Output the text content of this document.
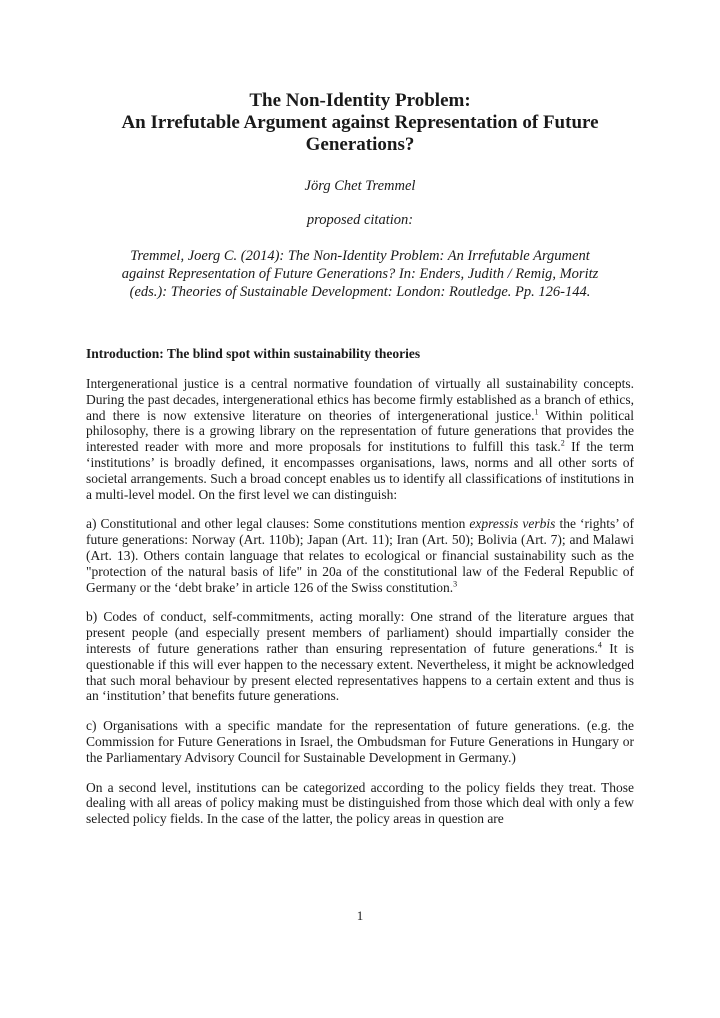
The Non-Identity Problem:
An Irrefutable Argument against Representation of Future
Generations?

Jörg Chet Tremmel

proposed citation:

Tremmel, Joerg C. (2014): The Non-Identity Problem: An Irrefutable Argument
against Representation of Future Generations? In: Enders, Judith / Remig, Moritz
(eds.): Theories of Sustainable Development: London: Routledge. Pp. 126-144.

Introduction: The blind spot within sustainability theories

Intergenerational justice is a central normative foundation of virtually all sustainability concepts. During the past decades, intergenerational ethics has become firmly established as a branch of ethics, and there is now extensive literature on theories of intergenerational justice.$^1$ Within political philosophy, there is a growing library on the representation of future generations that provides the interested reader with more and more proposals for institutions to fulfill this task.$^2$ If the term ‘institutions’ is broadly defined, it encompasses organisations, laws, norms and all other sorts of societal arrangements. Such a broad concept enables us to identify all classifications of institutions in a multi-level model. On the first level we can distinguish:

a) Constitutional and other legal clauses: Some constitutions mention expressis verbis the ‘rights’ of future generations: Norway (Art. 110b); Japan (Art. 11); Iran (Art. 50); Bolivia (Art. 7); and Malawi (Art. 13). Others contain language that relates to ecological or financial sustainability such as the "protection of the natural basis of life" in 20a of the constitutional law of the Federal Republic of Germany or the ‘debt brake’ in article 126 of the Swiss constitution.$^3$

b) Codes of conduct, self-commitments, acting morally: One strand of the literature argues that present people (and especially present members of parliament) should impartially consider the interests of future generations rather than ensuring representation of future generations.$^4$ It is questionable if this will ever happen to the necessary extent. Nevertheless, it might be acknowledged that such moral behaviour by present elected representatives happens to a certain extent and thus is an ‘institution’ that benefits future generations.

c) Organisations with a specific mandate for the representation of future generations. (e.g. the Commission for Future Generations in Israel, the Ombudsman for Future Generations in Hungary or the Parliamentary Advisory Council for Sustainable Development in Germany.)

On a second level, institutions can be categorized according to the policy fields they treat. Those dealing with all areas of policy making must be distinguished from those which deal with only a few selected policy fields. In the case of the latter, the policy areas in question are

1
